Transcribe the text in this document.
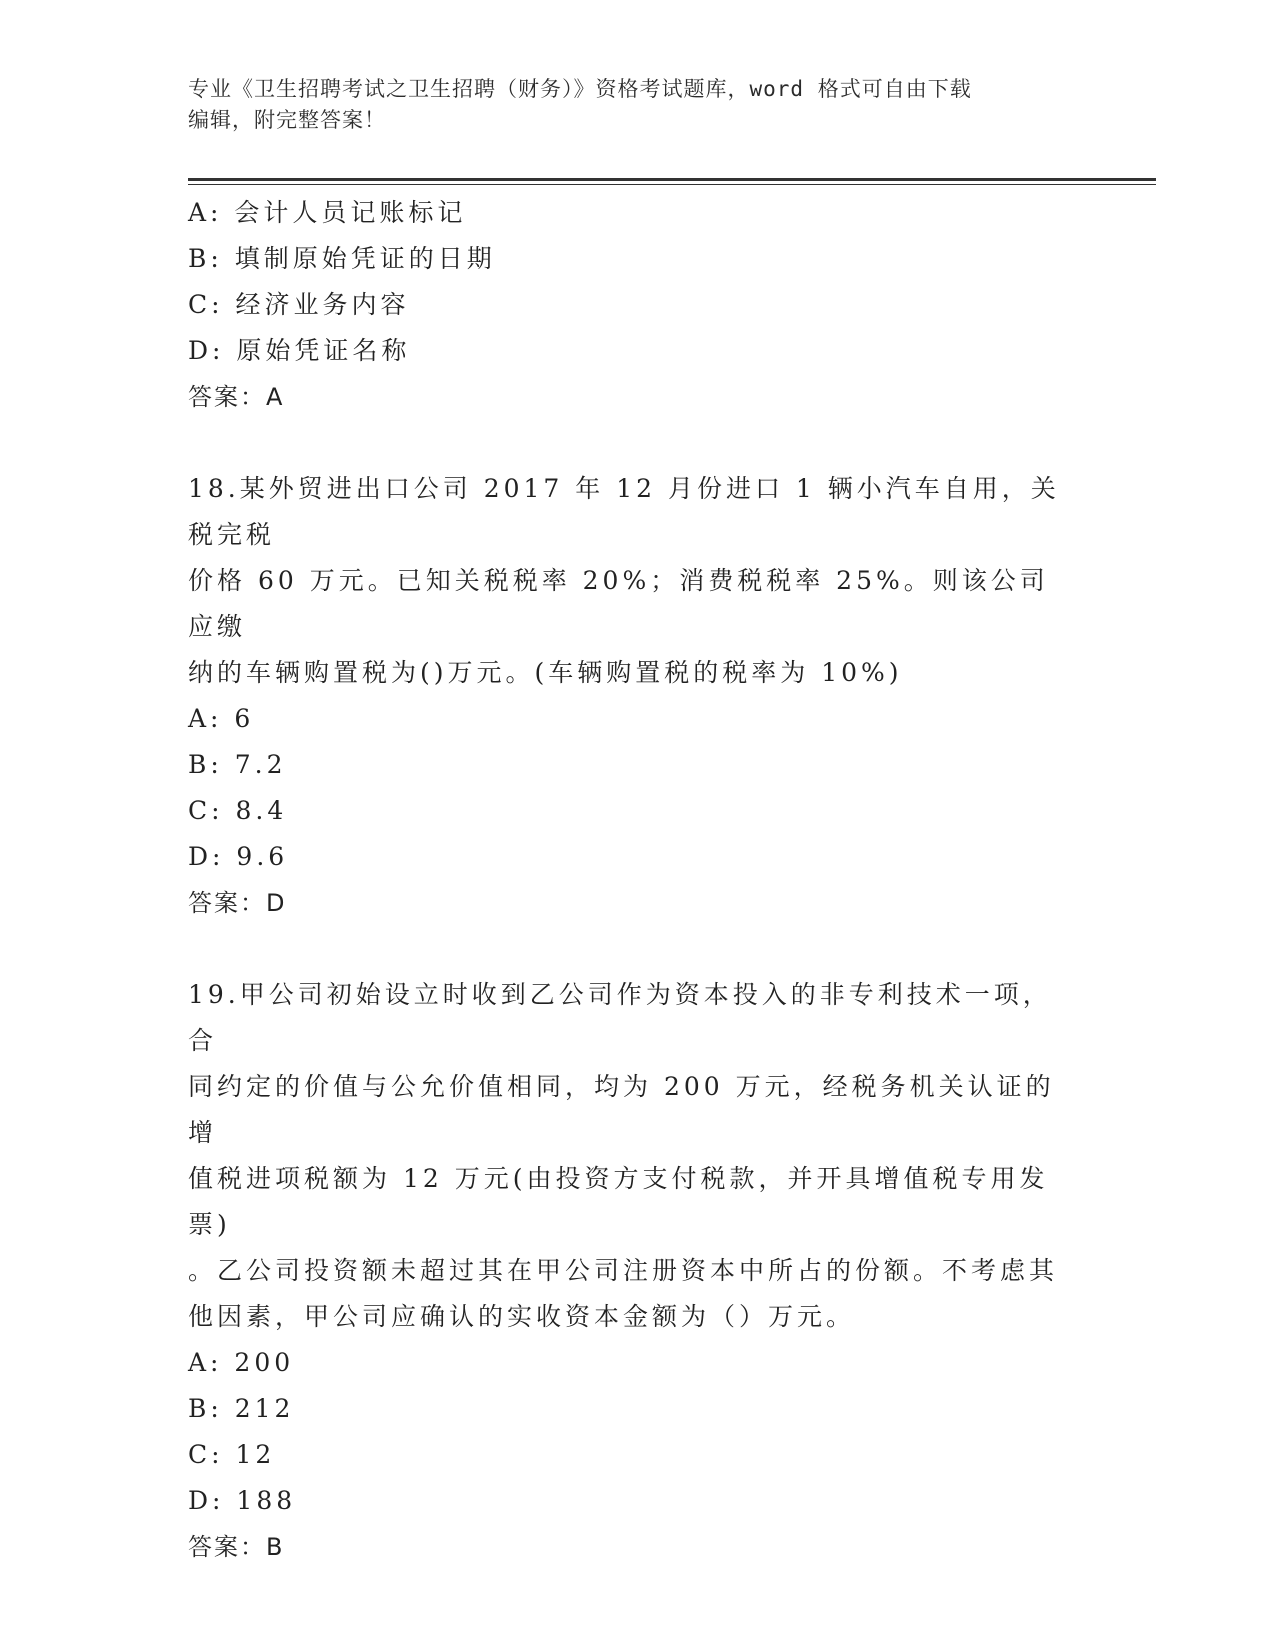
专业《卫生招聘考试之卫生招聘（财务）》资格考试题库，word 格式可自由下载
编辑，附完整答案！
A: 会计人员记账标记
B: 填制原始凭证的日期
C: 经济业务内容
D: 原始凭证名称
答案：A
18.某外贸进出口公司 2017 年 12 月份进口 1 辆小汽车自用，关税完税
价格 60 万元。已知关税税率 20%；消费税税率 25%。则该公司应缴
纳的车辆购置税为()万元。(车辆购置税的税率为 10%)
A: 6
B: 7.2
C: 8.4
D: 9.6
答案：D
19.甲公司初始设立时收到乙公司作为资本投入的非专利技术一项，合
同约定的价值与公允价值相同，均为 200 万元，经税务机关认证的增
值税进项税额为 12 万元(由投资方支付税款，并开具增值税专用发票)
。乙公司投资额未超过其在甲公司注册资本中所占的份额。不考虑其
他因素，甲公司应确认的实收资本金额为（）万元。
A: 200
B: 212
C: 12
D: 188
答案：B
